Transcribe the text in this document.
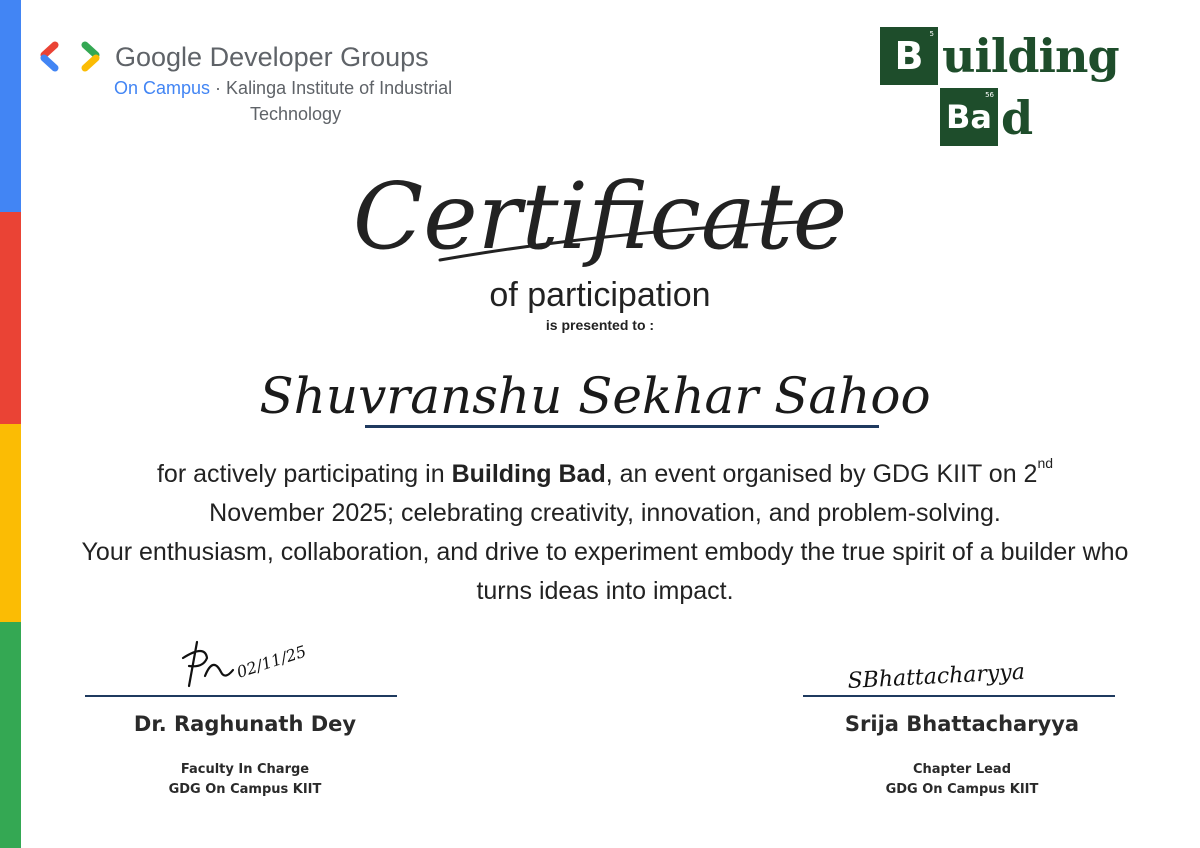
Google Developer Groups
On Campus · Kalinga Institute of Industrial
Technology
5
B uilding
56
Ba d
Certificate
of participation
is presented to :
Shuvranshu Sekhar Sahoo
for actively participating in Building Bad, an event organised by GDG KIIT on 2nd
November 2025; celebrating creativity, innovation, and problem-solving.
Your enthusiasm, collaboration, and drive to experiment embody the true spirit of a builder who turns ideas into impact.
02/11/25
Dr. Raghunath Dey
Faculty In Charge
GDG On Campus KIIT
SBhattacharyya
Srija Bhattacharyya
Chapter Lead
GDG On Campus KIIT
